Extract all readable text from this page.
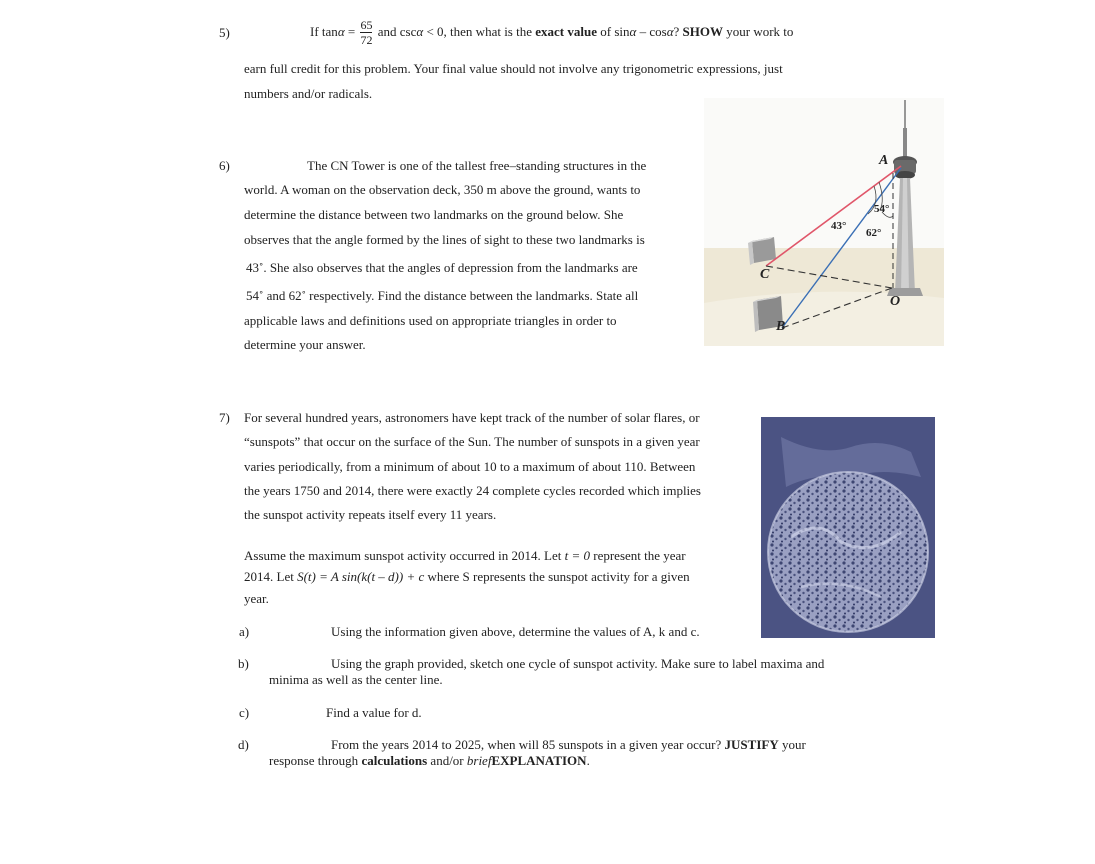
5)	If $\tan\alpha = \frac{65}{72}$ and cscα < 0, then what is the exact value of sinα – cosα? SHOW your work to
earn full credit for this problem. Your final value should not involve any trigonometric expressions, just
numbers and/or radicals.
6)	The CN Tower is one of the tallest free–standing structures in the
world. A woman on the observation deck, 350 m above the ground, wants to
determine the distance between two landmarks on the ground below. She
observes that the angle formed by the lines of sight to these two landmarks is
43˚. She also observes that the angles of depression from the landmarks are
54˚ and 62˚ respectively. Find the distance between the landmarks. State all
applicable laws and definitions used on appropriate triangles in order to
determine your answer.
A
B
C
O
43°
54°
62°
7) For several hundred years, astronomers have kept track of the number of solar flares, or
“sunspots” that occur on the surface of the Sun. The number of sunspots in a given year
varies periodically, from a minimum of about 10 to a maximum of about 110. Between
the years 1750 and 2014, there were exactly 24 complete cycles recorded which implies
the sunspot activity repeats itself every 11 years.
Assume the maximum sunspot activity occurred in 2014. Let t = 0 represent the year
2014. Let S(t) = A sin(k(t – d)) + c where S represents the sunspot activity for a given
year.
a)	Using the information given above, determine the values of A, k and c.
b)	Using the graph provided, sketch one cycle of sunspot activity. Make sure to label maxima and
minima as well as the center line.
c)	Find a value for d.
d)	From the years 2014 to 2025, when will 85 sunspots in a given year occur? JUSTIFY your
response through calculations and/or briefEXPLANATION.
